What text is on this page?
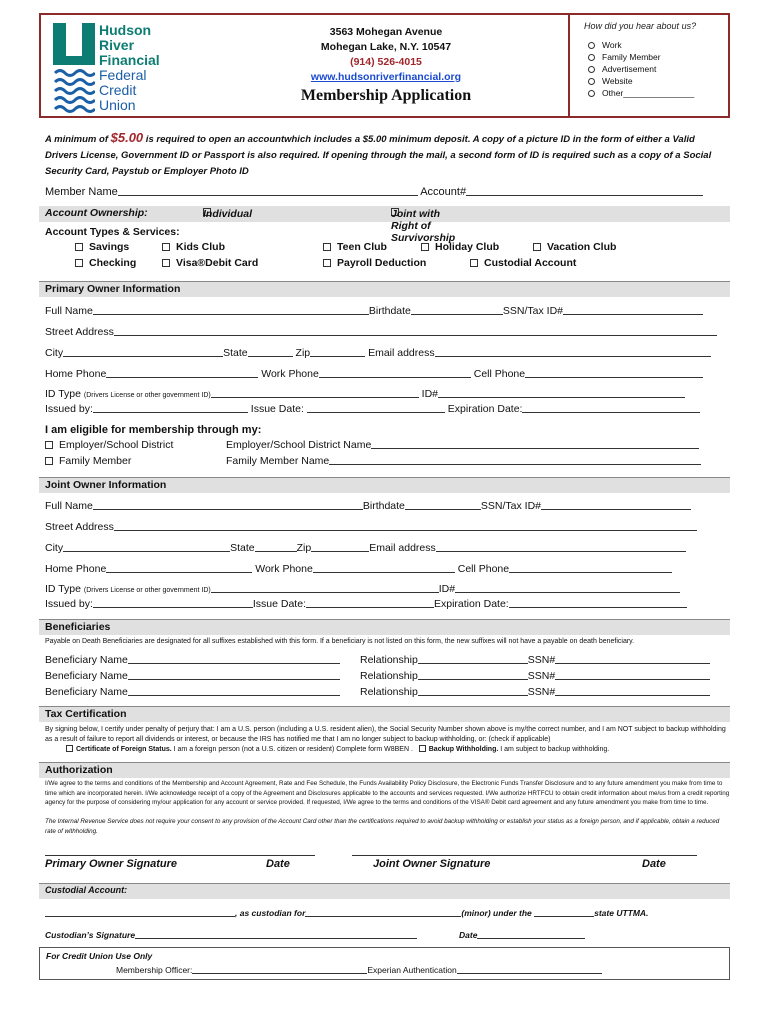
Hudson
River
Financial
Federal
Credit
Union
3563 Mohegan Avenue
Mohegan Lake, N.Y. 10547
(914) 526-4015
www.hudsonriverfinancial.org
Membership Application
How did you hear about us?
Work
Family Member
Advertisement
Website
Other_______________
A minimum of $5.00 is required to open an accountwhich includes a $5.00 minimum deposit. A copy of a picture ID in the form of either a Valid Drivers License, Government ID or Passport is also required. If opening through the mail, a second form of ID is required such as a copy of a Social Security Card, Paystub or Employer Photo ID
Member Name	Account#
Account Ownership:	Individual	Joint with Right of Survivorship
Account Types & Services:
Savings	Kids Club	Teen Club	Holiday Club	Vacation Club
Checking	Visa®Debit Card	Payroll Deduction	Custodial Account
Primary Owner Information
Full Name	Birthdate	SSN/Tax ID#
Street Address
City	State	Zip	Email address
Home Phone	Work Phone	Cell Phone
ID Type (Drivers License or other government ID)	ID#
Issued by:	Issue Date:	Expiration Date:
I am eligible for membership through my:
Employer/School District
Family Member
Employer/School District Name
Family Member Name
Joint Owner Information
Full Name	Birthdate	SSN/Tax ID#
Street Address
City	State	Zip	Email address
Home Phone	Work Phone	Cell Phone
ID Type (Drivers License or other government ID)	ID#
Issued by:	Issue Date:	Expiration Date:
Beneficiaries
Payable on Death Beneficiaries are designated for all suffixes established with this form. If a beneficiary is not listed on this form, the new suffixes will not have a payable on death beneficiary.
Beneficiary Name	Relationship	SSN#
Beneficiary Name	Relationship	SSN#
Beneficiary Name	Relationship	SSN#
Tax Certification
By signing below, I certify under penalty of perjury that: I am a U.S. person (including a U.S. resident alien), the Social Security Number shown above is my/the correct number, and I am NOT subject to backup withholding as a result of failure to report all dividends or interest, or because the IRS has notified me that I am no longer subject to backup withholding, or: (check if applicable)
Certificate of Foreign Status. I am a foreign person (not a U.S. citizen or resident) Complete form W8BEN . Backup Withholding. I am subject to backup withholding.
Authorization
I/We agree to the terms and conditions of the Membership and Account Agreement, Rate and Fee Schedule, the Funds Availability Policy Disclosure, the Electronic Funds Transfer Disclosure and to any future amendment you make from time to time which are incorporated herein. I/We acknowledge receipt of a copy of the Agreement and Disclosures applicable to the accounts and services requested. I/We authorize HRTFCU to obtain credit information about me/us from a credit reporting agency for the purpose of considering my/our application for any account or service provided. If requested, I/We agree to the terms and conditions of the VISA® Debit card agreement and any future amendment you make from time to time.
The Internal Revenue Service does not require your consent to any provision of the Account Card other than the certifications required to avoid backup withholding or establish your status as a foreign person, and if applicable, obtain a reduced rate of withholding.
Primary Owner Signature	Date	Joint Owner Signature	Date
Custodial Account:
, as custodian for	(minor) under the	state UTTMA.
Custodian’s Signature	Date
For Credit Union Use Only
Membership Officer:	Experian Authentication
